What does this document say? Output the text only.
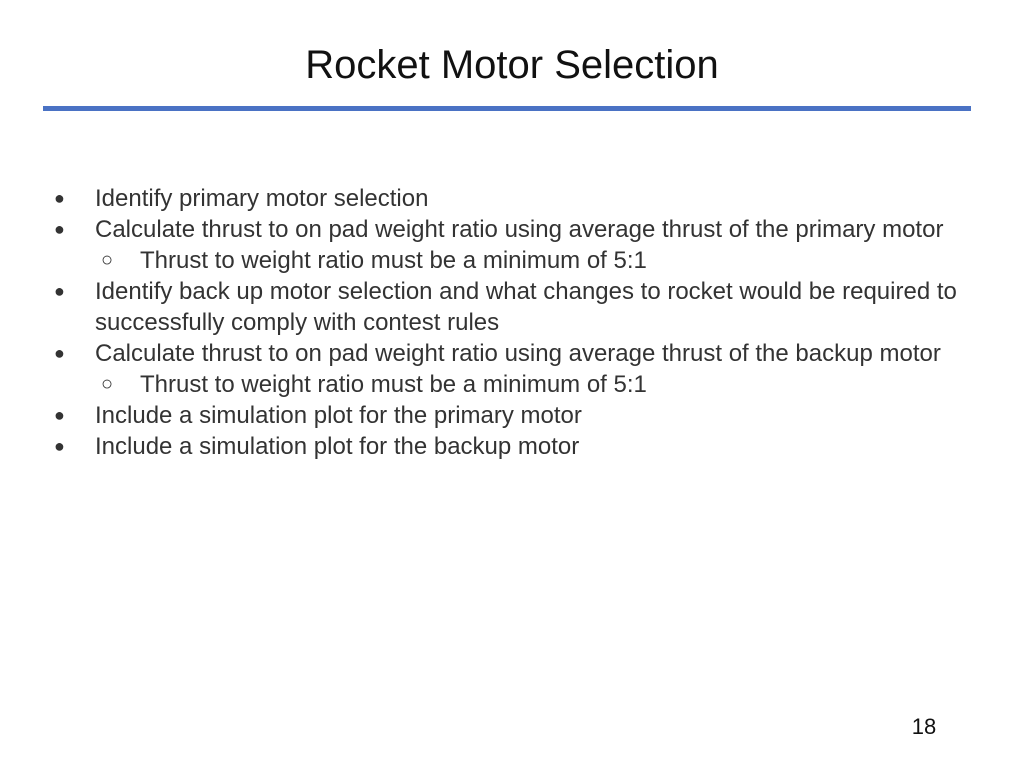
Rocket Motor Selection
● Identify primary motor selection
● Calculate thrust to on pad weight ratio using average thrust of the primary motor
○ Thrust to weight ratio must be a minimum of 5:1
● Identify back up motor selection and what changes to rocket would be required to successfully comply with contest rules
● Calculate thrust to on pad weight ratio using average thrust of the backup motor
○ Thrust to weight ratio must be a minimum of 5:1
● Include a simulation plot for the primary motor
● Include a simulation plot for the backup motor
18
